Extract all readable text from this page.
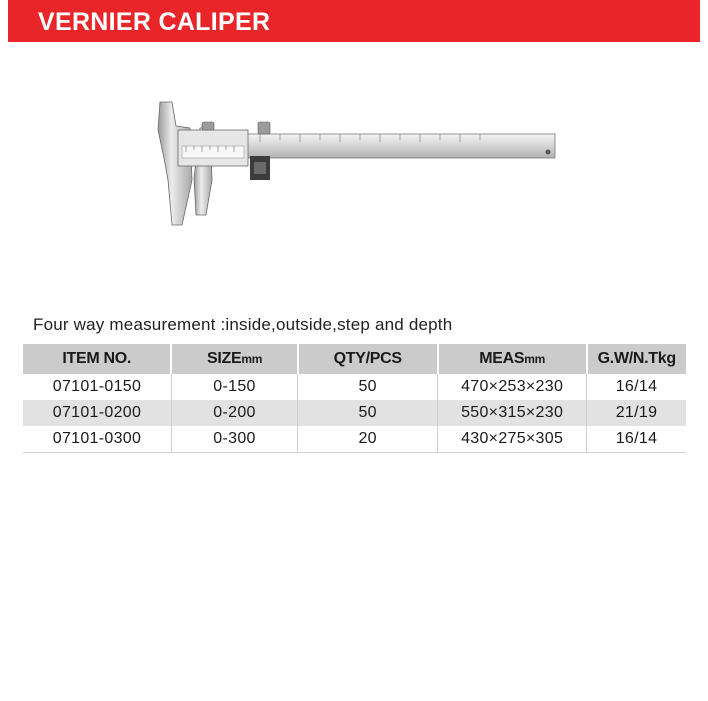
VERNIER CALIPER
Four way measurement :inside,outside,step and depth
ITEM NO.	SIZEmm	QTY/PCS	MEASmm	G.W/N.Tkg
07101-0150	0-150	50	470×253×230	16/14
07101-0200	0-200	50	550×315×230	21/19
07101-0300	0-300	20	430×275×305	16/14
